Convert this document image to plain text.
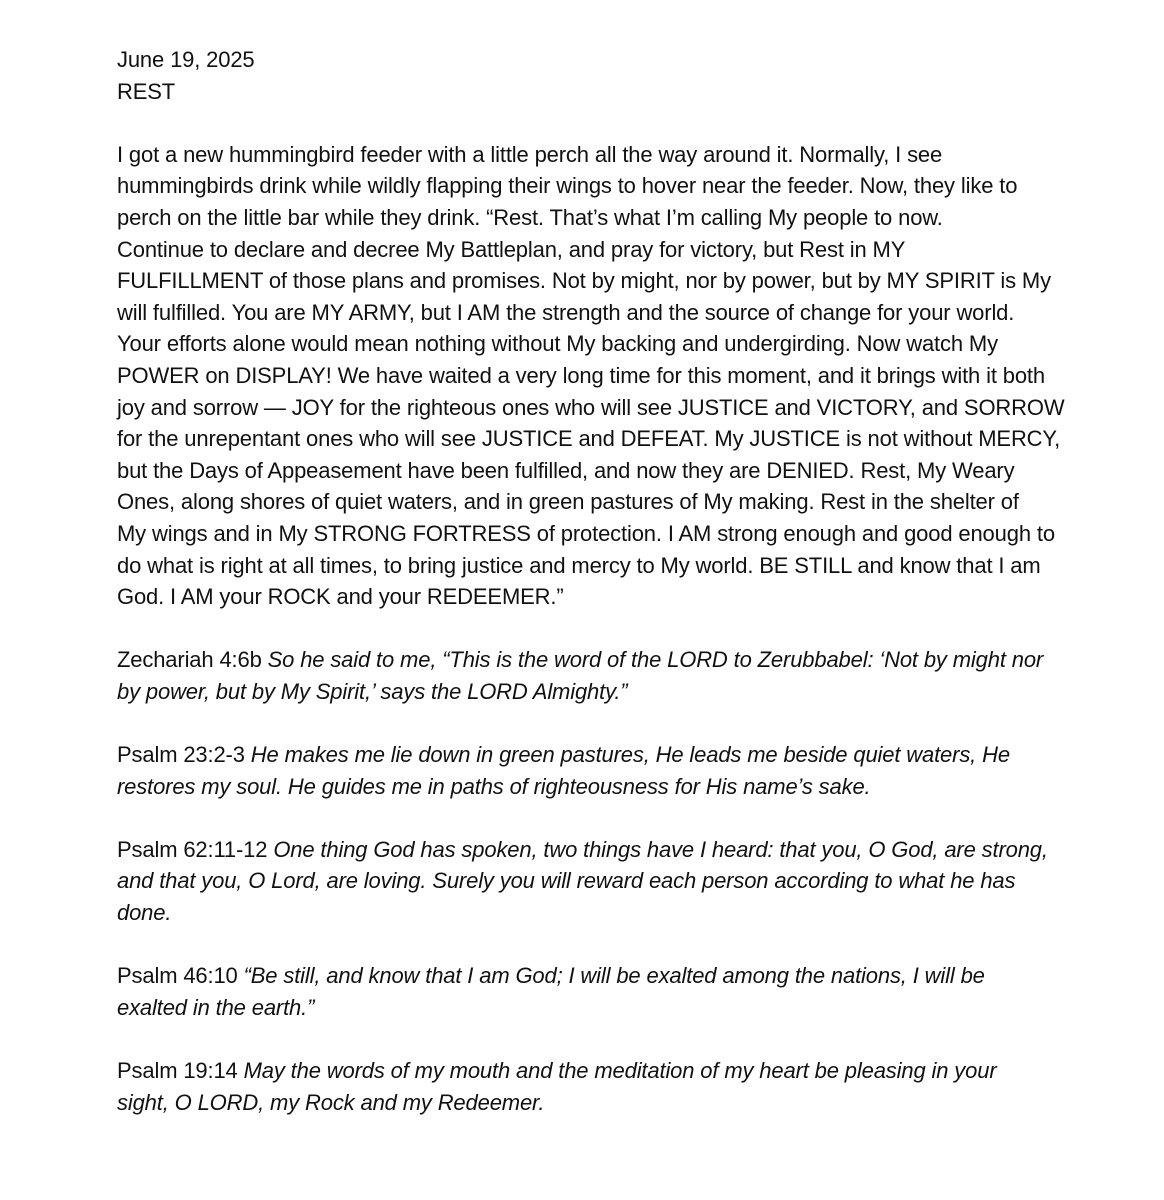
June 19, 2025
REST
I got a new hummingbird feeder with a little perch all the way around it. Normally, I see
hummingbirds drink while wildly flapping their wings to hover near the feeder. Now, they like to
perch on the little bar while they drink. “Rest. That’s what I’m calling My people to now.
Continue to declare and decree My Battleplan, and pray for victory, but Rest in MY
FULFILLMENT of those plans and promises. Not by might, nor by power, but by MY SPIRIT is My
will fulfilled. You are MY ARMY, but I AM the strength and the source of change for your world.
Your efforts alone would mean nothing without My backing and undergirding. Now watch My
POWER on DISPLAY! We have waited a very long time for this moment, and it brings with it both
joy and sorrow — JOY for the righteous ones who will see JUSTICE and VICTORY, and SORROW
for the unrepentant ones who will see JUSTICE and DEFEAT. My JUSTICE is not without MERCY,
but the Days of Appeasement have been fulfilled, and now they are DENIED. Rest, My Weary
Ones, along shores of quiet waters, and in green pastures of My making. Rest in the shelter of
My wings and in My STRONG FORTRESS of protection. I AM strong enough and good enough to
do what is right at all times, to bring justice and mercy to My world. BE STILL and know that I am
God. I AM your ROCK and your REDEEMER.”
Zechariah 4:6b So he said to me, “This is the word of the LORD to Zerubbabel: ‘Not by might nor
by power, but by My Spirit,’ says the LORD Almighty.”
Psalm 23:2-3 He makes me lie down in green pastures, He leads me beside quiet waters, He
restores my soul. He guides me in paths of righteousness for His name’s sake.
Psalm 62:11-12 One thing God has spoken, two things have I heard: that you, O God, are strong,
and that you, O Lord, are loving. Surely you will reward each person according to what he has
done.
Psalm 46:10 “Be still, and know that I am God; I will be exalted among the nations, I will be
exalted in the earth.”
Psalm 19:14 May the words of my mouth and the meditation of my heart be pleasing in your
sight, O LORD, my Rock and my Redeemer.
